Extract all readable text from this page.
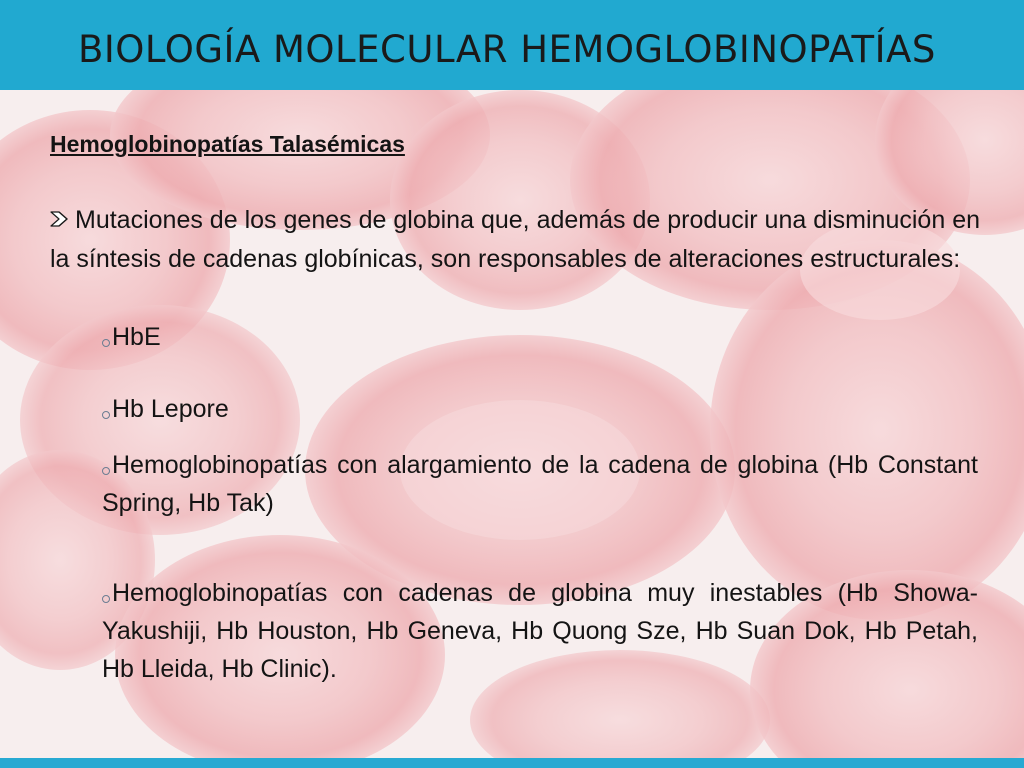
BIOLOGÍA MOLECULAR HEMOGLOBINOPATÍAS
Hemoglobinopatías Talasémicas
Mutaciones de los genes de globina que, además de producir una disminución en la síntesis de cadenas globínicas, son responsables de alteraciones estructurales:
HbE
Hb Lepore
Hemoglobinopatías con alargamiento de la cadena de globina (Hb Constant Spring, Hb Tak)
Hemoglobinopatías con cadenas de globina muy inestables (Hb Showa-Yakushiji, Hb Houston, Hb Geneva, Hb Quong Sze, Hb Suan Dok, Hb Petah, Hb Lleida, Hb Clinic).
